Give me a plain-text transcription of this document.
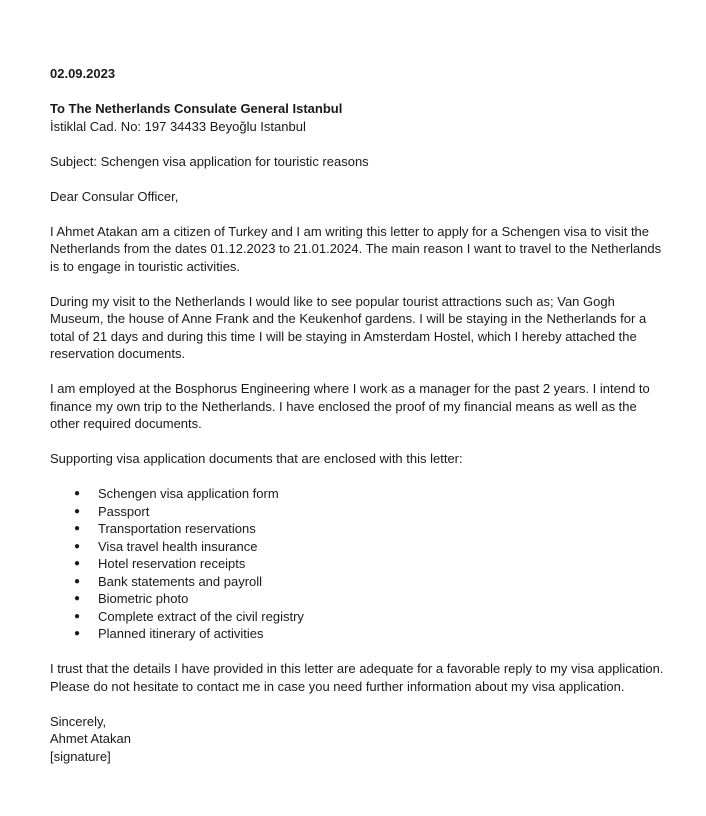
02.09.2023

To The Netherlands Consulate General Istanbul

İstiklal Cad. No: 197 34433 Beyoğlu Istanbul

Subject: Schengen visa application for touristic reasons

Dear Consular Officer,

I Ahmet Atakan am a citizen of Turkey and I am writing this letter to apply for a Schengen visa to visit the Netherlands from the dates 01.12.2023 to 21.01.2024. The main reason I want to travel to the Netherlands is to engage in touristic activities.

During my visit to the Netherlands I would like to see popular tourist attractions such as; Van Gogh Museum, the house of Anne Frank and the Keukenhof gardens. I will be staying in the Netherlands for a total of 21 days and during this time I will be staying in Amsterdam Hostel, which I hereby attached the reservation documents.

I am employed at the Bosphorus Engineering where I work as a manager for the past 2 years. I intend to finance my own trip to the Netherlands. I have enclosed the proof of my financial means as well as the other required documents.

Supporting visa application documents that are enclosed with this letter:

● Schengen visa application form
● Passport
● Transportation reservations
● Visa travel health insurance
● Hotel reservation receipts
● Bank statements and payroll
● Biometric photo
● Complete extract of the civil registry
● Planned itinerary of activities

I trust that the details I have provided in this letter are adequate for a favorable reply to my visa application. Please do not hesitate to contact me in case you need further information about my visa application.

Sincerely,

Ahmet Atakan

[signature]
